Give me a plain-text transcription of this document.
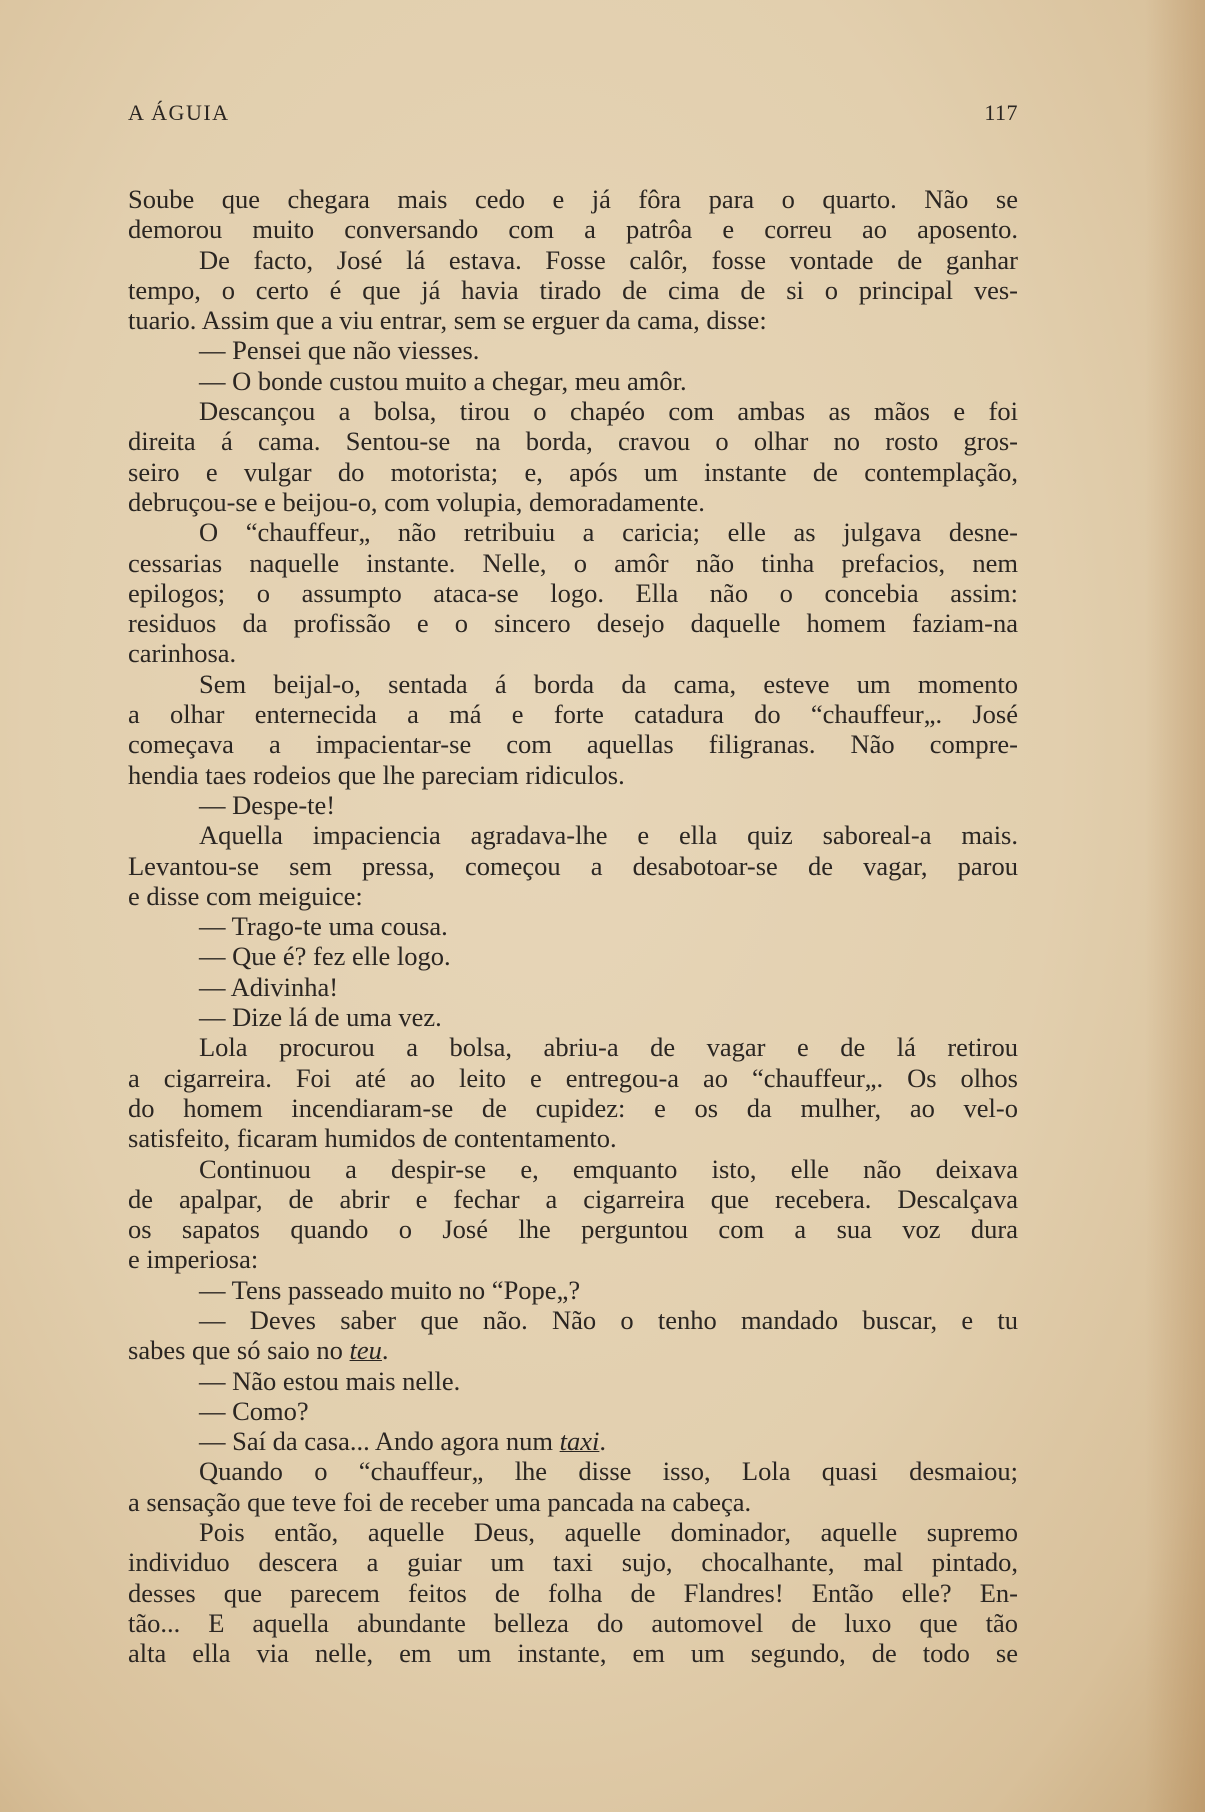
A ÁGUIA	117
Soube que chegara mais cedo e já fôra para o quarto. Não se
demorou muito conversando com a patrôa e correu ao aposento.
De facto, José lá estava. Fosse calôr, fosse vontade de ganhar
tempo, o certo é que já havia tirado de cima de si o principal ves-
tuario. Assim que a viu entrar, sem se erguer da cama, disse:
— Pensei que não viesses.
— O bonde custou muito a chegar, meu amôr.
Descançou a bolsa, tirou o chapéo com ambas as mãos e foi
direita á cama. Sentou-se na borda, cravou o olhar no rosto gros-
seiro e vulgar do motorista; e, após um instante de contemplação,
debruçou-se e beijou-o, com volupia, demoradamente.
O “chauffeur„ não retribuiu a caricia; elle as julgava desne-
cessarias naquelle instante. Nelle, o amôr não tinha prefacios, nem
epilogos; o assumpto ataca-se logo. Ella não o concebia assim:
residuos da profissão e o sincero desejo daquelle homem faziam-na
carinhosa.
Sem beijal-o, sentada á borda da cama, esteve um momento
a olhar enternecida a má e forte catadura do “chauffeur„. José
começava a impacientar-se com aquellas filigranas. Não compre-
hendia taes rodeios que lhe pareciam ridiculos.
— Despe-te!
Aquella impaciencia agradava-lhe e ella quiz saboreal-a mais.
Levantou-se sem pressa, começou a desabotoar-se de vagar, parou
e disse com meiguice:
— Trago-te uma cousa.
— Que é? fez elle logo.
— Adivinha!
— Dize lá de uma vez.
Lola procurou a bolsa, abriu-a de vagar e de lá retirou
a cigarreira. Foi até ao leito e entregou-a ao “chauffeur„. Os olhos
do homem incendiaram-se de cupidez: e os da mulher, ao vel-o
satisfeito, ficaram humidos de contentamento.
Continuou a despir-se e, emquanto isto, elle não deixava
de apalpar, de abrir e fechar a cigarreira que recebera. Descalçava
os sapatos quando o José lhe perguntou com a sua voz dura
e imperiosa:
— Tens passeado muito no “Pope„?
— Deves saber que não. Não o tenho mandado buscar, e tu
sabes que só saio no teu.
— Não estou mais nelle.
— Como?
— Saí da casa... Ando agora num taxi.
Quando o “chauffeur„ lhe disse isso, Lola quasi desmaiou;
a sensação que teve foi de receber uma pancada na cabeça.
Pois então, aquelle Deus, aquelle dominador, aquelle supremo
individuo descera a guiar um taxi sujo, chocalhante, mal pintado,
desses que parecem feitos de folha de Flandres! Então elle? En-
tão... E aquella abundante belleza do automovel de luxo que tão
alta ella via nelle, em um instante, em um segundo, de todo se
